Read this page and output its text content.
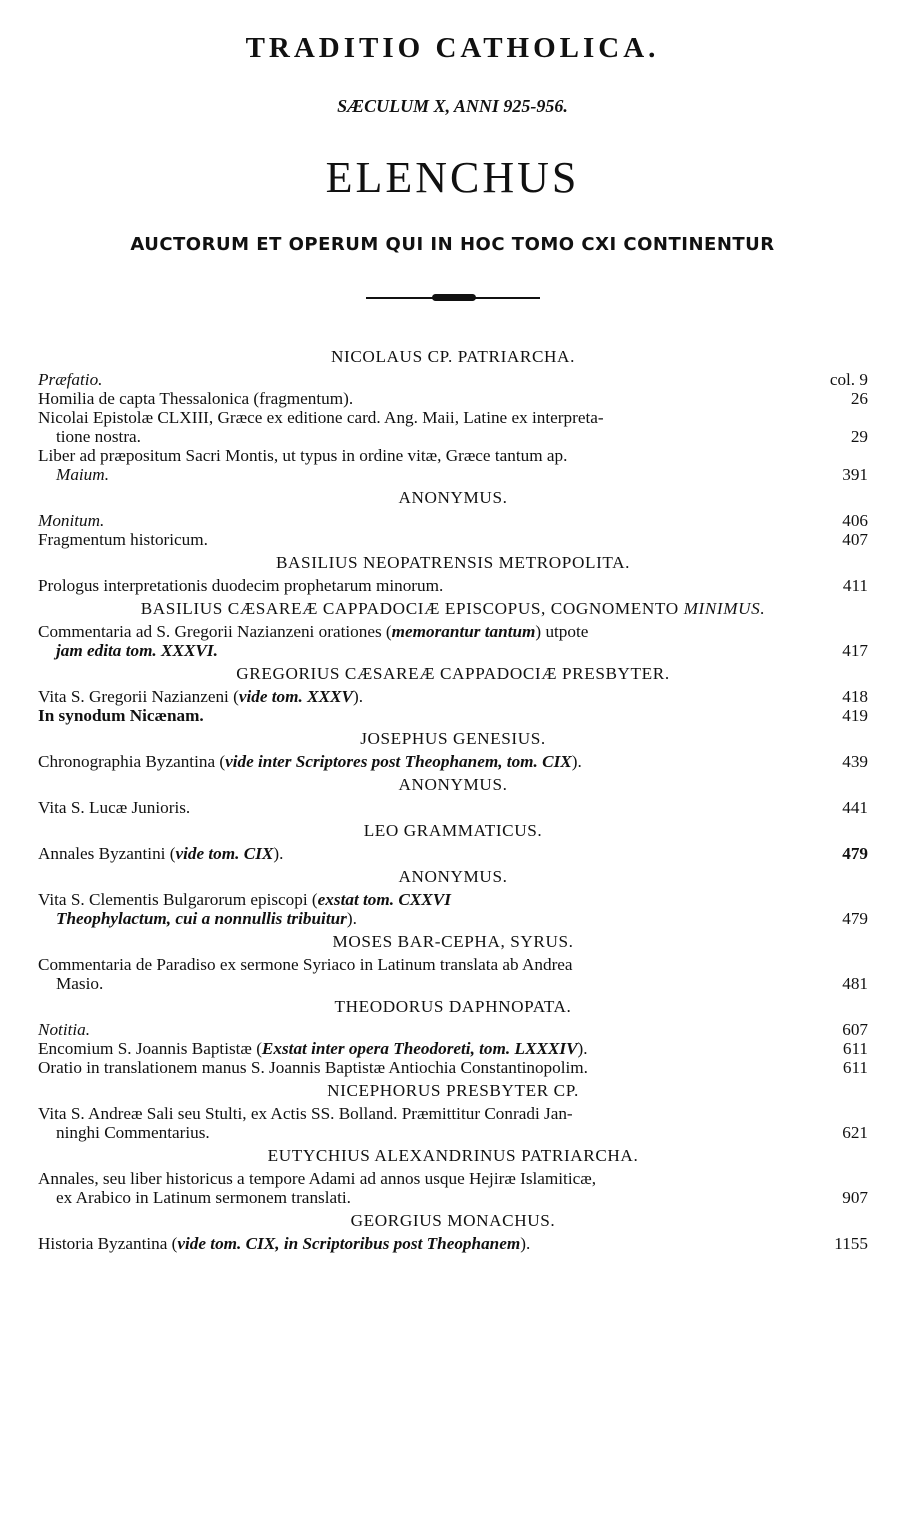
TRADITIO CATHOLICA.
SÆCULUM X, ANNI 925-956.
ELENCHUS
AUCTORUM ET OPERUM QUI IN HOC TOMO CXI CONTINENTUR
NICOLAUS CP. PATRIARCHA.
Præfatio.	col. 9
Homilia de capta Thessalonica (fragmentum).	26
Nicolai Epistolæ CLXIII, Græce ex editione card. Ang. Maii, Latine ex interpreta-
tione nostra.	29
Liber ad præpositum Sacri Montis, ut typus in ordine vitæ, Græce tantum ap.
Maium.	391
ANONYMUS.
Monitum.	406
Fragmentum historicum.	407
BASILIUS NEOPATRENSIS METROPOLITA.
Prologus interpretationis duodecim prophetarum minorum.	411
BASILIUS CÆSAREÆ CAPPADOCIÆ EPISCOPUS, COGNOMENTO MINIMUS.
Commentaria ad S. Gregorii Nazianzeni orationes (memorantur tantum) utpote
jam edita tom. XXXVI.	417
GREGORIUS CÆSAREÆ CAPPADOCIÆ PRESBYTER.
Vita S. Gregorii Nazianzeni (vide tom. XXXV).	418
In synodum Nicænam.	419
JOSEPHUS GENESIUS.
Chronographia Byzantina (vide inter Scriptores post Theophanem, tom. CIX).	439
ANONYMUS.
Vita S. Lucæ Junioris.	441
LEO GRAMMATICUS.
Annales Byzantini (vide tom. CIX).	479
ANONYMUS.
Vita S. Clementis Bulgarorum episcopi (exstat tom. CXXVI
Theophylactum, cui a nonnullis tribuitur).	479
MOSES BAR-CEPHA, SYRUS.
Commentaria de Paradiso ex sermone Syriaco in Latinum translata ab Andrea
Masio.	481
THEODORUS DAPHNOPATA.
Notitia.	607
Encomium S. Joannis Baptistæ (Exstat inter opera Theodoreti, tom. LXXXIV).	611
Oratio in translationem manus S. Joannis Baptistæ Antiochia Constantinopolim.	611
NICEPHORUS PRESBYTER CP.
Vita S. Andreæ Sali seu Stulti, ex Actis SS. Bolland. Præmittitur Conradi Jan-
ninghi Commentarius.	621
EUTYCHIUS ALEXANDRINUS PATRIARCHA.
Annales, seu liber historicus a tempore Adami ad annos usque Hejiræ Islamiticæ,
ex Arabico in Latinum sermonem translati.	907
GEORGIUS MONACHUS.
Historia Byzantina (vide tom. CIX, in Scriptoribus post Theophanem).	1155
